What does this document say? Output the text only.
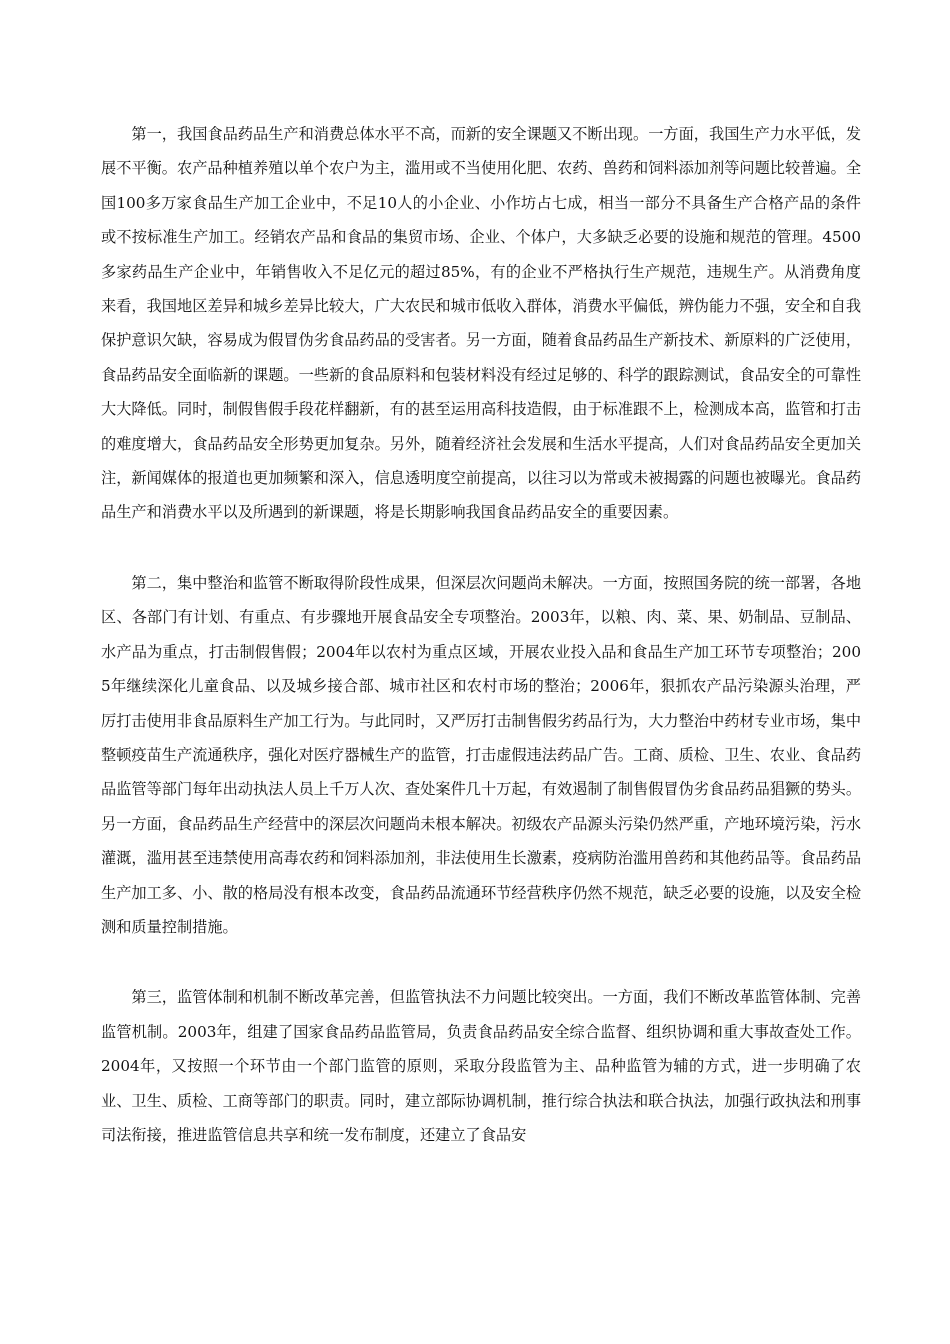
第一，我国食品药品生产和消费总体水平不高，而新的安全课题又不断出现。一方面，我国生产力水平低，发展不平衡。农产品种植养殖以单个农户为主，滥用或不当使用化肥、农药、兽药和饲料添加剂等问题比较普遍。全国100多万家食品生产加工企业中，不足10人的小企业、小作坊占七成，相当一部分不具备生产合格产品的条件或不按标准生产加工。经销农产品和食品的集贸市场、企业、个体户，大多缺乏必要的设施和规范的管理。4500多家药品生产企业中，年销售收入不足亿元的超过85%，有的企业不严格执行生产规范，违规生产。从消费角度来看，我国地区差异和城乡差异比较大，广大农民和城市低收入群体，消费水平偏低，辨伪能力不强，安全和自我保护意识欠缺，容易成为假冒伪劣食品药品的受害者。另一方面，随着食品药品生产新技术、新原料的广泛使用，食品药品安全面临新的课题。一些新的食品原料和包装材料没有经过足够的、科学的跟踪测试，食品安全的可靠性大大降低。同时，制假售假手段花样翻新，有的甚至运用高科技造假，由于标准跟不上，检测成本高，监管和打击的难度增大，食品药品安全形势更加复杂。另外，随着经济社会发展和生活水平提高，人们对食品药品安全更加关注，新闻媒体的报道也更加频繁和深入，信息透明度空前提高，以往习以为常或未被揭露的问题也被曝光。食品药品生产和消费水平以及所遇到的新课题，将是长期影响我国食品药品安全的重要因素。

第二，集中整治和监管不断取得阶段性成果，但深层次问题尚未解决。一方面，按照国务院的统一部署，各地区、各部门有计划、有重点、有步骤地开展食品安全专项整治。2003年，以粮、肉、菜、果、奶制品、豆制品、水产品为重点，打击制假售假；2004年以农村为重点区域，开展农业投入品和食品生产加工环节专项整治；2005年继续深化儿童食品、以及城乡接合部、城市社区和农村市场的整治；2006年，狠抓农产品污染源头治理，严厉打击使用非食品原料生产加工行为。与此同时，又严厉打击制售假劣药品行为，大力整治中药材专业市场，集中整顿疫苗生产流通秩序，强化对医疗器械生产的监管，打击虚假违法药品广告。工商、质检、卫生、农业、食品药品监管等部门每年出动执法人员上千万人次、查处案件几十万起，有效遏制了制售假冒伪劣食品药品猖獗的势头。另一方面，食品药品生产经营中的深层次问题尚未根本解决。初级农产品源头污染仍然严重，产地环境污染，污水灌溉，滥用甚至违禁使用高毒农药和饲料添加剂，非法使用生长激素，疫病防治滥用兽药和其他药品等。食品药品生产加工多、小、散的格局没有根本改变，食品药品流通环节经营秩序仍然不规范，缺乏必要的设施，以及安全检测和质量控制措施。

第三，监管体制和机制不断改革完善，但监管执法不力问题比较突出。一方面，我们不断改革监管体制、完善监管机制。2003年，组建了国家食品药品监管局，负责食品药品安全综合监督、组织协调和重大事故查处工作。2004年，又按照一个环节由一个部门监管的原则，采取分段监管为主、品种监管为辅的方式，进一步明确了农业、卫生、质检、工商等部门的职责。同时，建立部际协调机制，推行综合执法和联合执法，加强行政执法和刑事司法衔接，推进监管信息共享和统一发布制度，还建立了食品安
